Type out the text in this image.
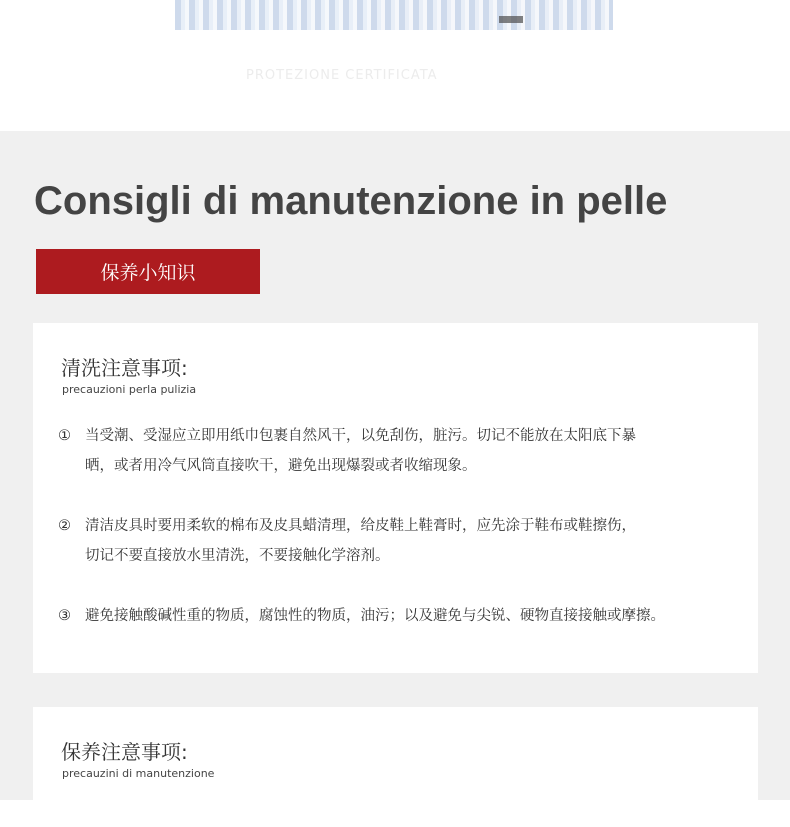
PROTEZIONE CERTIFICATA
Consigli di manutenzione in pelle
保养小知识
清洗注意事项:
precauzioni perla pulizia
① 当受潮、受湿应立即用纸巾包裹自然风干，以免刮伤，脏污。切记不能放在太阳底下暴
晒，或者用冷气风筒直接吹干，避免出现爆裂或者收缩现象。
② 清洁皮具时要用柔软的棉布及皮具蜡清理，给皮鞋上鞋膏时，应先涂于鞋布或鞋擦伤，
切记不要直接放水里清洗，不要接触化学溶剂。
③ 避免接触酸碱性重的物质，腐蚀性的物质，油污；以及避免与尖锐、硬物直接接触或摩擦。
保养注意事项:
precauzini di manutenzione
